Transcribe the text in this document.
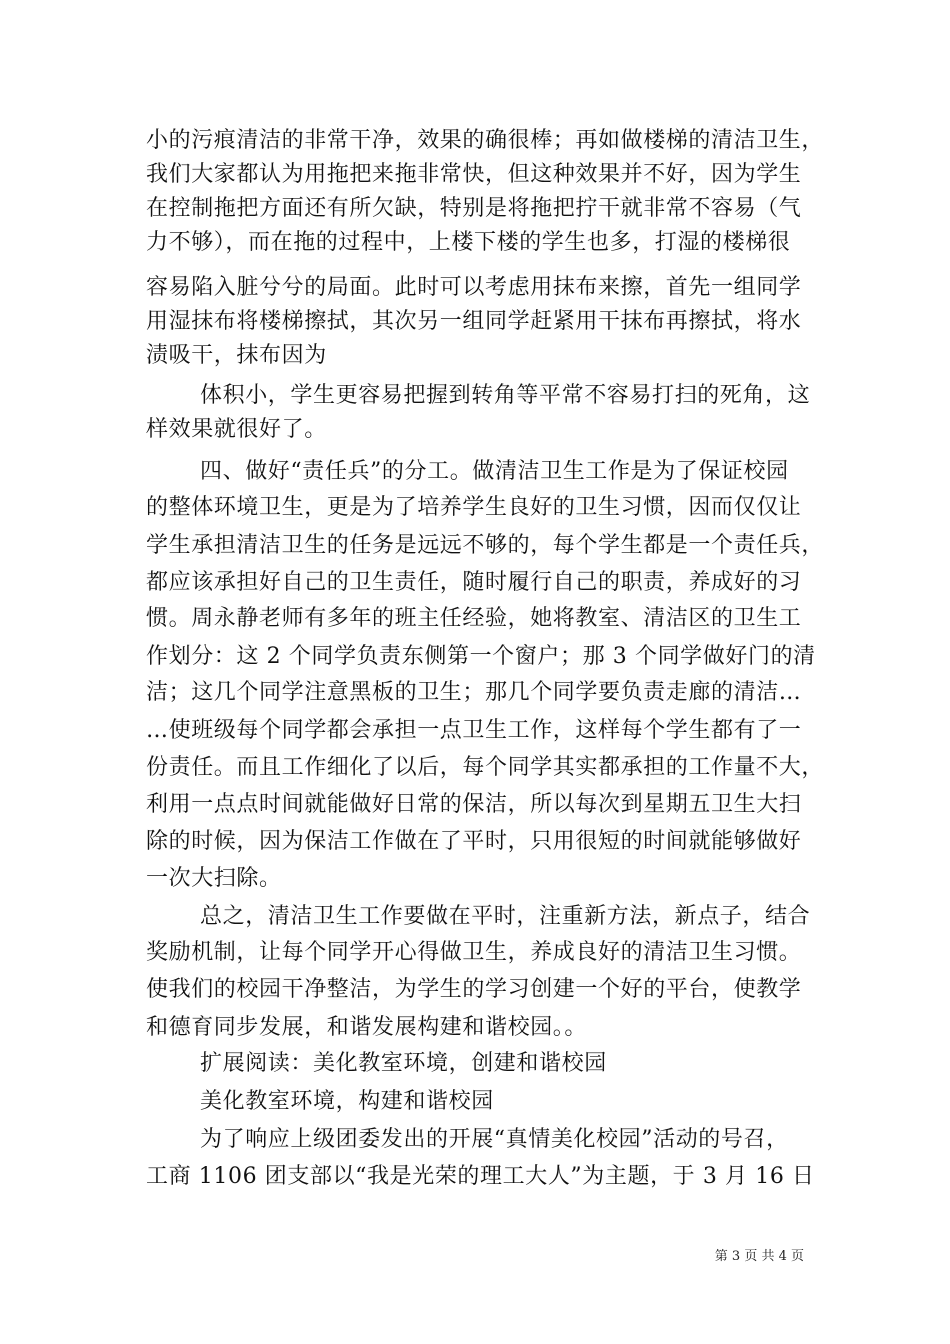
小的污痕清洁的非常干净，效果的确很棒；再如做楼梯的清洁卫生，
我们大家都认为用拖把来拖非常快，但这种效果并不好，因为学生
在控制拖把方面还有所欠缺，特别是将拖把拧干就非常不容易（气
力不够），而在拖的过程中，上楼下楼的学生也多，打湿的楼梯很
容易陷入脏兮兮的局面。此时可以考虑用抹布来擦，首先一组同学
用湿抹布将楼梯擦拭，其次另一组同学赶紧用干抹布再擦拭，将水
渍吸干，抹布因为
体积小，学生更容易把握到转角等平常不容易打扫的死角，这
样效果就很好了。
四、做好“责任兵”的分工。做清洁卫生工作是为了保证校园
的整体环境卫生，更是为了培养学生良好的卫生习惯，因而仅仅让
学生承担清洁卫生的任务是远远不够的，每个学生都是一个责任兵，
都应该承担好自己的卫生责任，随时履行自己的职责，养成好的习
惯。周永静老师有多年的班主任经验，她将教室、清洁区的卫生工
作划分：这 2 个同学负责东侧第一个窗户；那 3 个同学做好门的清
洁；这几个同学注意黑板的卫生；那几个同学要负责走廊的清洁…
…使班级每个同学都会承担一点卫生工作，这样每个学生都有了一
份责任。而且工作细化了以后，每个同学其实都承担的工作量不大，
利用一点点时间就能做好日常的保洁，所以每次到星期五卫生大扫
除的时候，因为保洁工作做在了平时，只用很短的时间就能够做好
一次大扫除。
总之，清洁卫生工作要做在平时，注重新方法，新点子，结合
奖励机制，让每个同学开心得做卫生，养成良好的清洁卫生习惯。
使我们的校园干净整洁，为学生的学习创建一个好的平台，使教学
和德育同步发展，和谐发展构建和谐校园。。
扩展阅读：美化教室环境，创建和谐校园
美化教室环境，构建和谐校园
为了响应上级团委发出的开展“真情美化校园”活动的号召，
工商 1106 团支部以“我是光荣的理工大人”为主题，于 3 月 16 日
第 3 页 共 4 页
